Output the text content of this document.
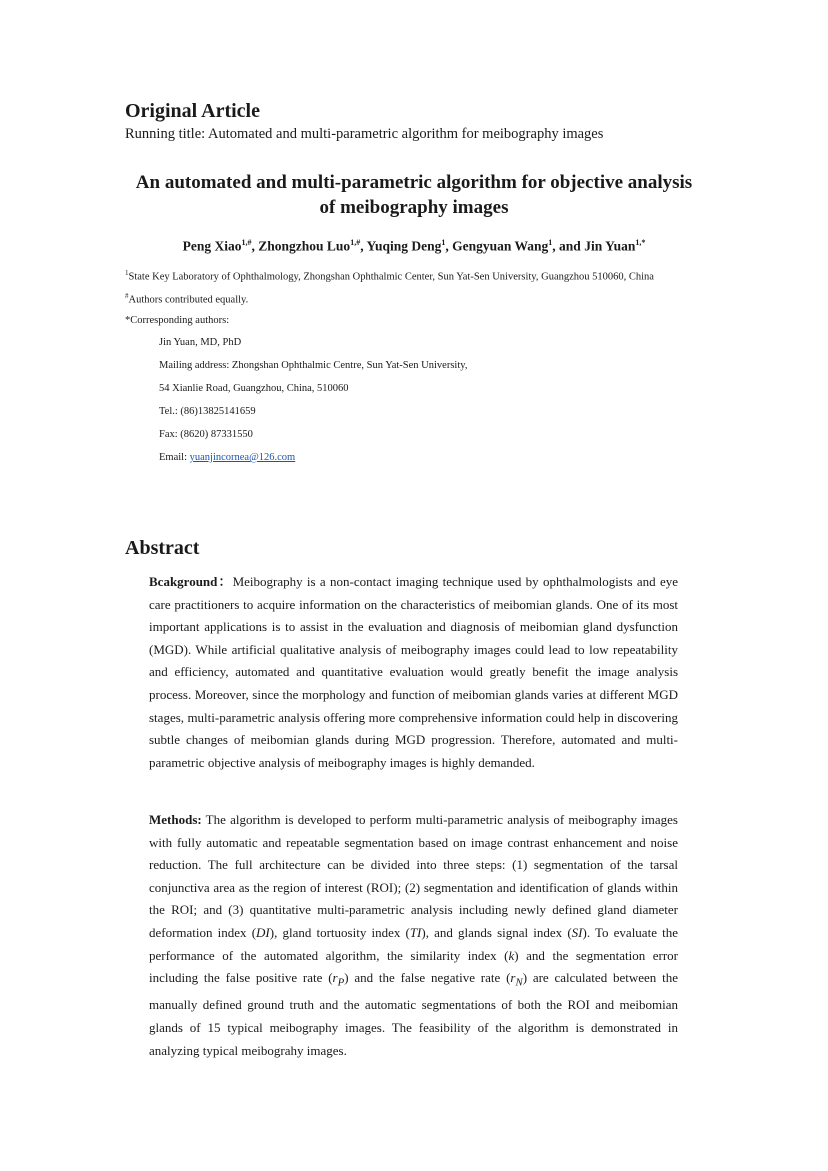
Original Article
Running title: Automated and multi-parametric algorithm for meibography images
An automated and multi-parametric algorithm for objective analysis
of meibography images
Peng Xiao$^{1,\#}$, Zhongzhou Luo$^{1,\#}$, Yuqing Deng$^1$, Gengyuan Wang$^1$, and Jin Yuan$^{1,*}$
$^1$State Key Laboratory of Ophthalmology, Zhongshan Ophthalmic Center, Sun Yat-Sen University, Guangzhou 510060, China
#Authors contributed equally.
*Corresponding authors:
Jin Yuan, MD, PhD
Mailing address: Zhongshan Ophthalmic Centre, Sun Yat-Sen University,
54 Xianlie Road, Guangzhou, China, 510060
Tel.: (86)13825141659
Fax: (8620) 87331550
Email: yuanjincornea@126.com
Abstract
Bcakground：Meibography is a non-contact imaging technique used by ophthalmologists and eye care practitioners to acquire information on the characteristics of meibomian glands. One of its most important applications is to assist in the evaluation and diagnosis of meibomian gland dysfunction (MGD). While artificial qualitative analysis of meibography images could lead to low repeatability and efficiency, automated and quantitative evaluation would greatly benefit the image analysis process. Moreover, since the morphology and function of meibomian glands varies at different MGD stages, multi-parametric analysis offering more comprehensive information could help in discovering subtle changes of meibomian glands during MGD progression. Therefore, automated and multi-parametric objective analysis of meibography images is highly demanded.
Methods: The algorithm is developed to perform multi-parametric analysis of meibography images with fully automatic and repeatable segmentation based on image contrast enhancement and noise reduction. The full architecture can be divided into three steps: (1) segmentation of the tarsal conjunctiva area as the region of interest (ROI); (2) segmentation and identification of glands within the ROI; and (3) quantitative multi-parametric analysis including newly defined gland diameter deformation index (DI), gland tortuosity index (TI), and glands signal index (SI). To evaluate the performance of the automated algorithm, the similarity index (k) and the segmentation error including the false positive rate $(r_P)$ and the false negative rate $(r_N)$ are calculated between the manually defined ground truth and the automatic segmentations of both the ROI and meibomian glands of 15 typical meibography images. The feasibility of the algorithm is demonstrated in analyzing typical meibograhy images.
